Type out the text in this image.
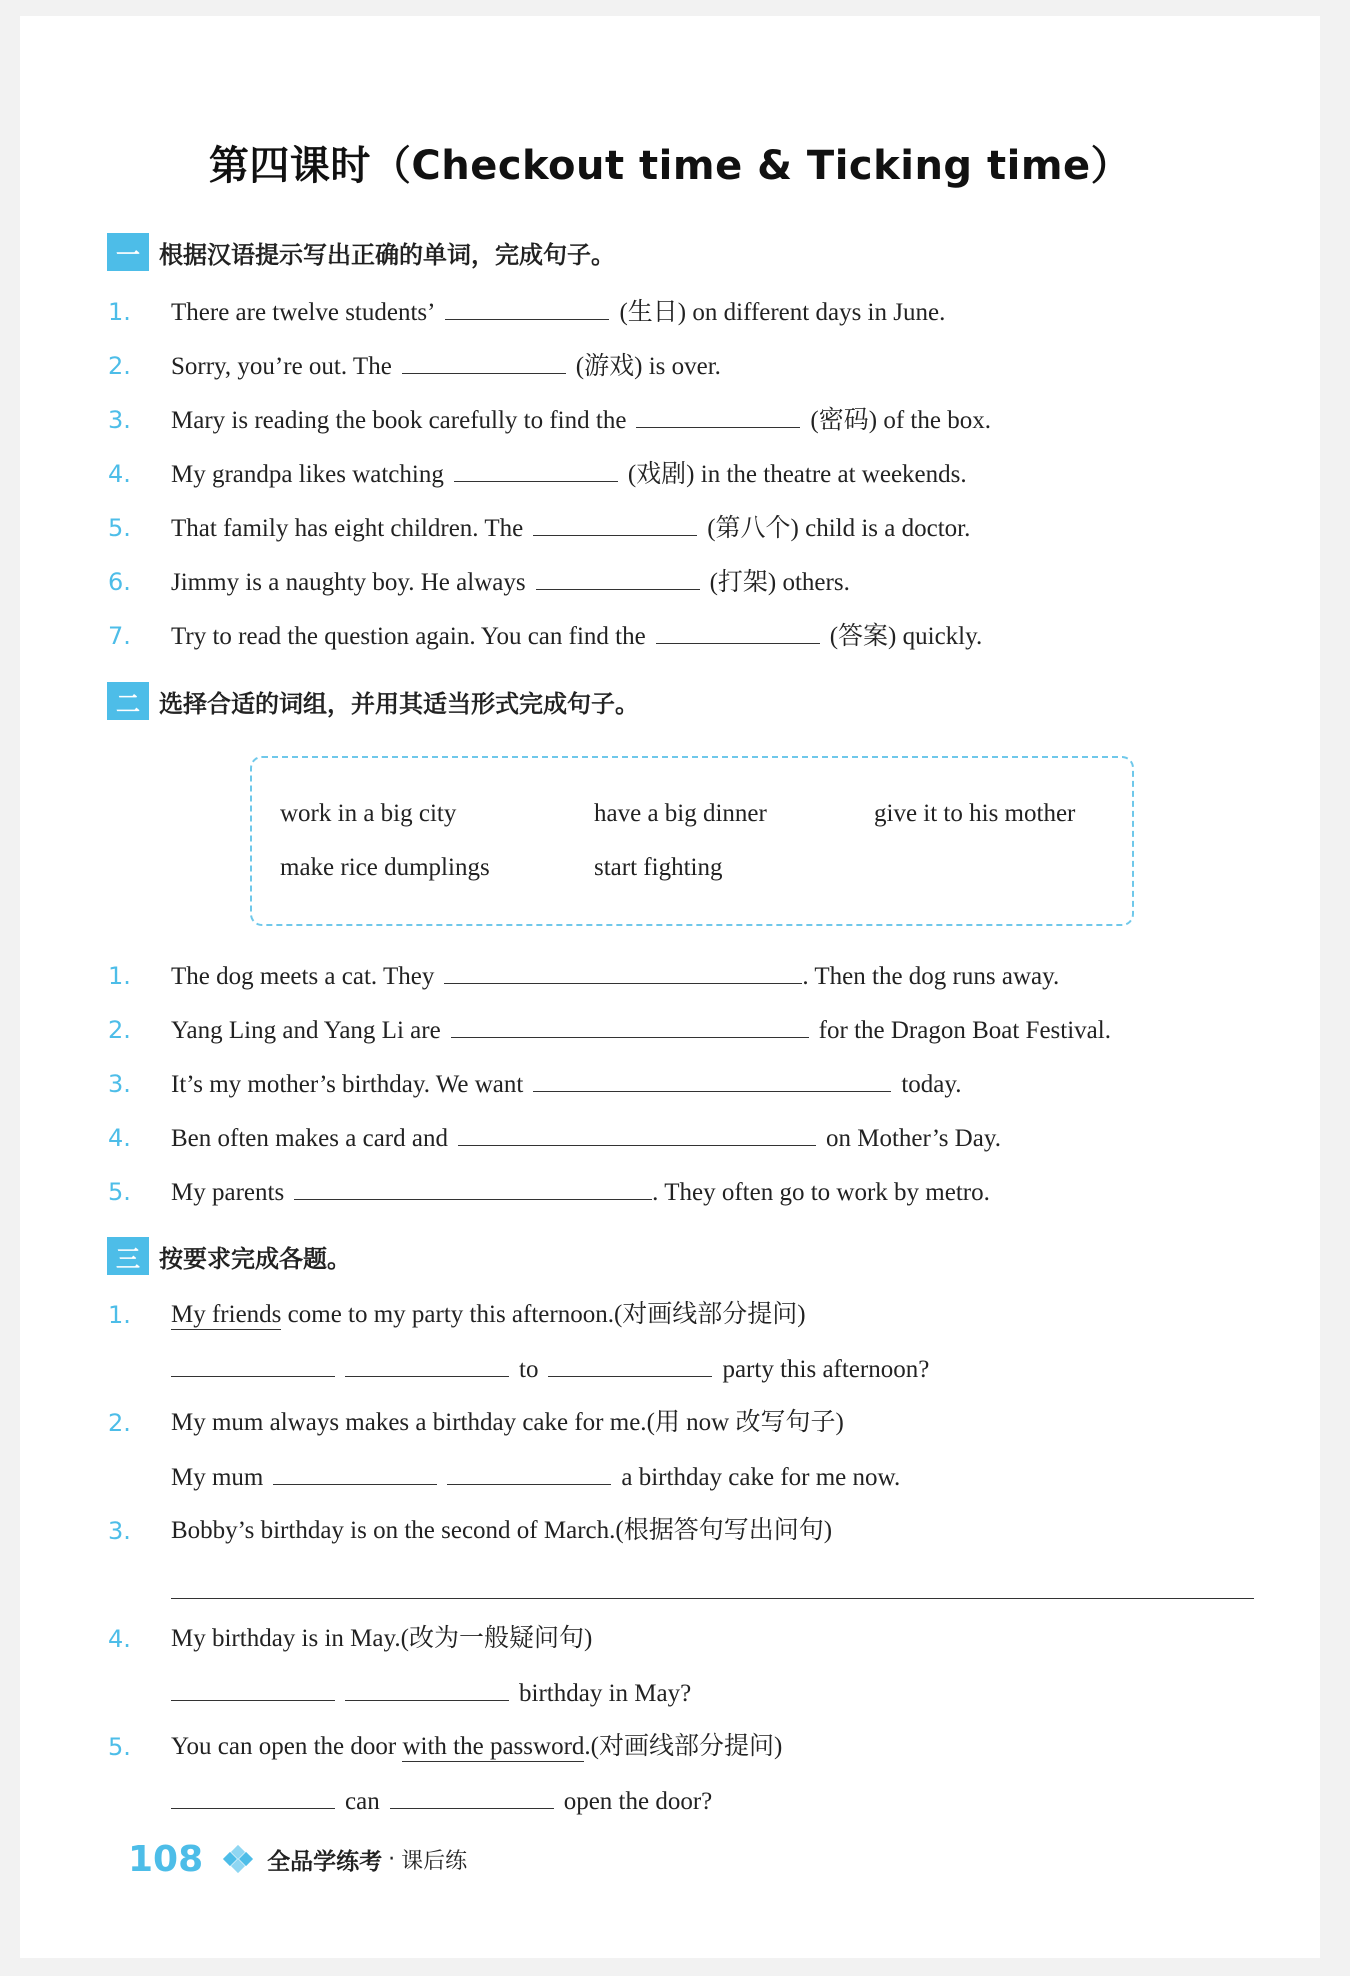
第四课时（Checkout time & Ticking time）
一 根据汉语提示写出正确的单词，完成句子。
1. There are twelve students’	(生日) on different days in June.
2. Sorry, you’re out. The	(游戏) is over.
3. Mary is reading the book carefully to find the	(密码) of the box.
4. My grandpa likes watching	(戏剧) in the theatre at weekends.
5. That family has eight children. The	(第八个) child is a doctor.
6. Jimmy is a naughty boy. He always	(打架) others.
7. Try to read the question again. You can find the	(答案) quickly.
二 选择合适的词组，并用其适当形式完成句子。
work in a big city	have a big dinner	give it to his mother
make rice dumplings	start fighting
1. The dog meets a cat. They	. Then the dog runs away.
2. Yang Ling and Yang Li are	for the Dragon Boat Festival.
3. It’s my mother’s birthday. We want	today.
4. Ben often makes a card and	on Mother’s Day.
5. My parents	. They often go to work by metro.
三 按要求完成各题。
1. My friends come to my party this afternoon.(对画线部分提问)
to	party this afternoon?
2. My mum always makes a birthday cake for me.(用 now 改写句子)
My mum	a birthday cake for me now.
3. Bobby’s birthday is on the second of March.(根据答句写出问句)
4. My birthday is in May.(改为一般疑问句)
birthday in May?
5. You can open the door with the password.(对画线部分提问)
can	open the door?
108	全品学练考 · 课后练
